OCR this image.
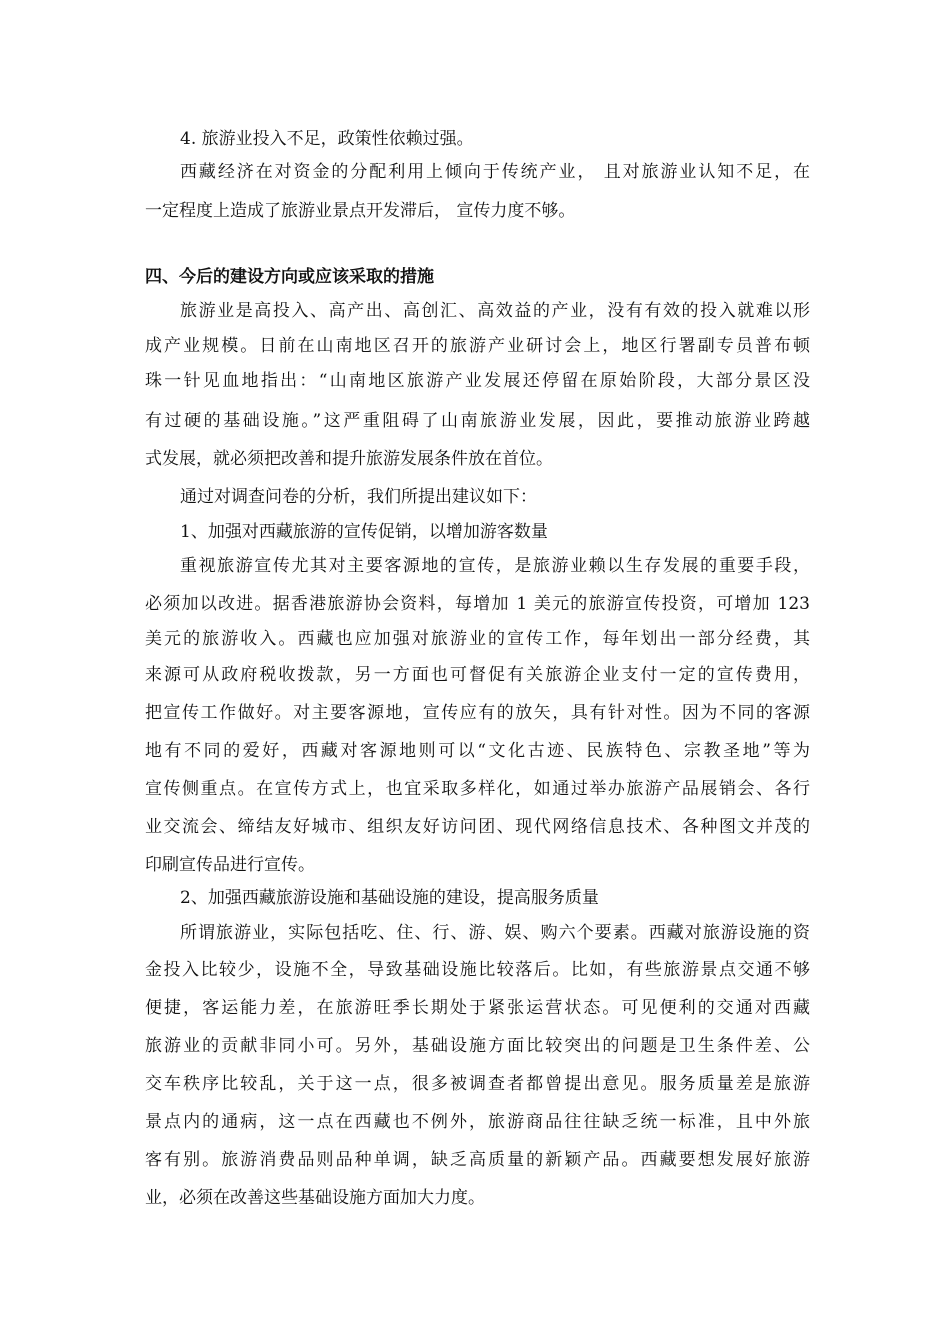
4. 旅游业投入不足，政策性依赖过强。
西藏经济在对资金的分配利用上倾向于传统产业， 且对旅游业认知不足，在
一定程度上造成了旅游业景点开发滞后， 宣传力度不够。
四、今后的建设方向或应该采取的措施
旅游业是高投入、高产出、高创汇、高效益的产业，没有有效的投入就难以形
成产业规模。日前在山南地区召开的旅游产业研讨会上，地区行署副专员普布顿
珠一针见血地指出：“山南地区旅游产业发展还停留在原始阶段，大部分景区没
有过硬的基础设施。”这严重阻碍了山南旅游业发展，因此，要推动旅游业跨越
式发展，就必须把改善和提升旅游发展条件放在首位。
通过对调查问卷的分析，我们所提出建议如下：
1、加强对西藏旅游的宣传促销，以增加游客数量
重视旅游宣传尤其对主要客源地的宣传，是旅游业赖以生存发展的重要手段，
必须加以改进。据香港旅游协会资料，每增加 1 美元的旅游宣传投资，可增加 123
美元的旅游收入。西藏也应加强对旅游业的宣传工作，每年划出一部分经费，其
来源可从政府税收拨款，另一方面也可督促有关旅游企业支付一定的宣传费用，
把宣传工作做好。对主要客源地，宣传应有的放矢，具有针对性。因为不同的客源
地有不同的爱好，西藏对客源地则可以“文化古迹、民族特色、宗教圣地”等为
宣传侧重点。在宣传方式上，也宜采取多样化，如通过举办旅游产品展销会、各行
业交流会、缔结友好城市、组织友好访问团、现代网络信息技术、各种图文并茂的
印刷宣传品进行宣传。
2、加强西藏旅游设施和基础设施的建设，提高服务质量
所谓旅游业，实际包括吃、住、行、游、娱、购六个要素。西藏对旅游设施的资
金投入比较少，设施不全，导致基础设施比较落后。比如，有些旅游景点交通不够
便捷，客运能力差，在旅游旺季长期处于紧张运营状态。可见便利的交通对西藏
旅游业的贡献非同小可。另外，基础设施方面比较突出的问题是卫生条件差、公
交车秩序比较乱，关于这一点，很多被调查者都曾提出意见。服务质量差是旅游
景点内的通病，这一点在西藏也不例外，旅游商品往往缺乏统一标准，且中外旅
客有别。旅游消费品则品种单调，缺乏高质量的新颖产品。西藏要想发展好旅游
业，必须在改善这些基础设施方面加大力度。
